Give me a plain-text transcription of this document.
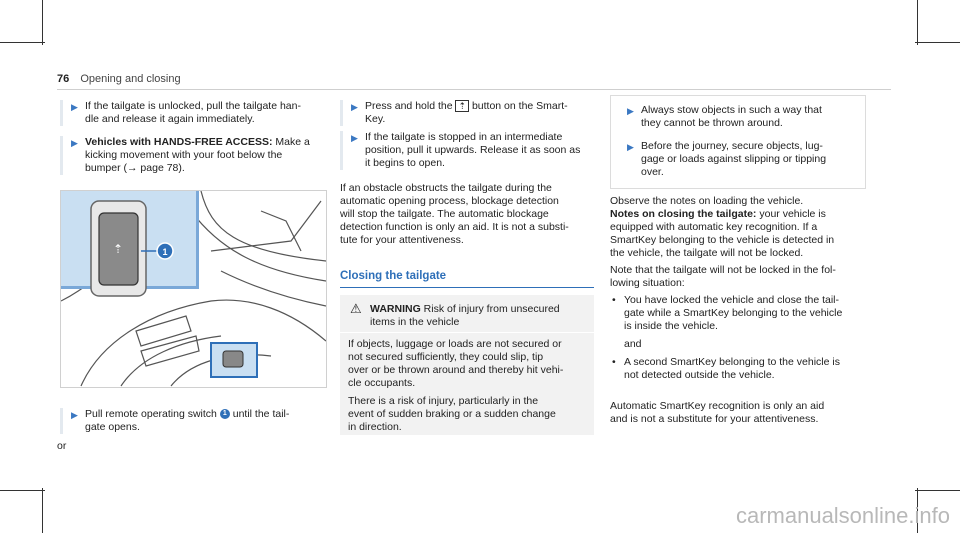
76 Opening and closing
▶ If the tailgate is unlocked, pull the tailgate han-

dle and release it again immediately.

▶ Vehicles with HANDS-FREE ACCESS: Make a

kicking movement with your foot below the

bumper (→ page 78).

⇡	1
▶ Pull remote operating switch 1 until the tail-

gate opens.

or
▶ Press and hold the ⇡ button on the Smart-

Key.

▶ If the tailgate is stopped in an intermediate

position, pull it upwards. Release it as soon as

it begins to open.

If an obstacle obstructs the tailgate during the

automatic opening process, blockage detection

will stop the tailgate. The automatic blockage

detection function is only an aid. It is not a substi-

tute for your attentiveness.

Closing the tailgate

WARNING Risk of injury from unsecured

items in the vehicle

⚠

If objects, luggage or loads are not secured or

not secured sufficiently, they could slip, tip

over or be thrown around and thereby hit vehi-

cle occupants.

There is a risk of injury, particularly in the

event of sudden braking or a sudden change

in direction.

▶ Always stow objects in such a way that

they cannot be thrown around.

▶ Before the journey, secure objects, lug-

gage or loads against slipping or tipping

over.

Observe the notes on loading the vehicle.

Notes on closing the tailgate: your vehicle is

equipped with automatic key recognition. If a

SmartKey belonging to the vehicle is detected in

the vehicle, the tailgate will not be locked.

Note that the tailgate will not be locked in the fol-

lowing situation:

• You have locked the vehicle and close the tail-

gate while a SmartKey belonging to the vehicle

is inside the vehicle.

and

• A second SmartKey belonging to the vehicle is

not detected outside the vehicle.

Automatic SmartKey recognition is only an aid

and is not a substitute for your attentiveness.

carmanualsonline.info
